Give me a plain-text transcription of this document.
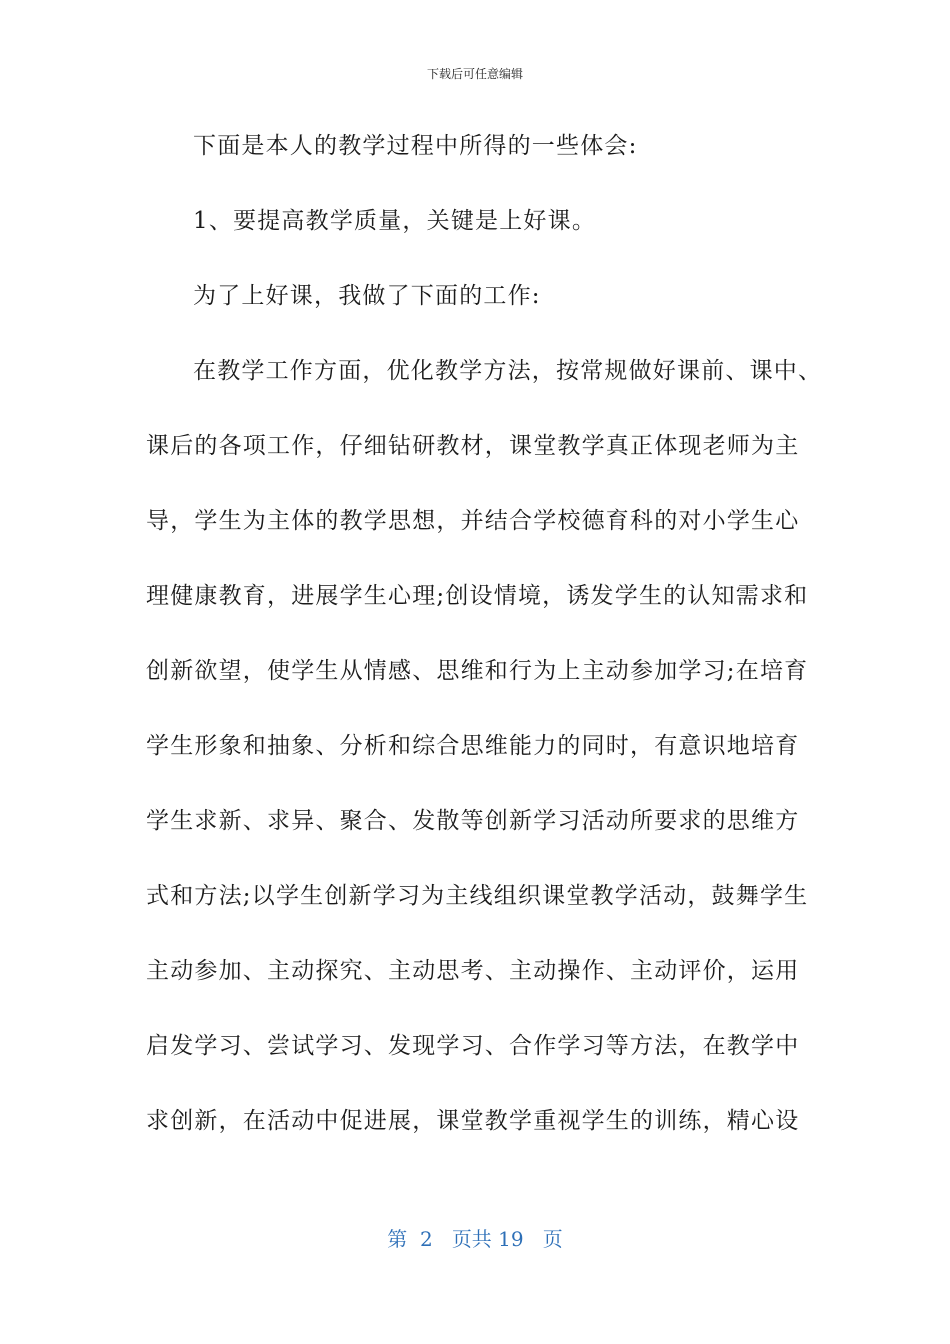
下载后可任意编辑
下面是本人的教学过程中所得的一些体会:
1、要提高教学质量，关键是上好课。
为了上好课，我做了下面的工作:
在教学工作方面，优化教学方法，按常规做好课前、课中、
课后的各项工作，仔细钻研教材，课堂教学真正体现老师为主
导，学生为主体的教学思想，并结合学校德育科的对小学生心
理健康教育，进展学生心理;创设情境，诱发学生的认知需求和
创新欲望，使学生从情感、思维和行为上主动参加学习;在培育
学生形象和抽象、分析和综合思维能力的同时，有意识地培育
学生求新、求异、聚合、发散等创新学习活动所要求的思维方
式和方法;以学生创新学习为主线组织课堂教学活动，鼓舞学生
主动参加、主动探究、主动思考、主动操作、主动评价，运用
启发学习、尝试学习、发现学习、合作学习等方法，在教学中
求创新，在活动中促进展，课堂教学重视学生的训练，精心设
第 2 页共 19 页
